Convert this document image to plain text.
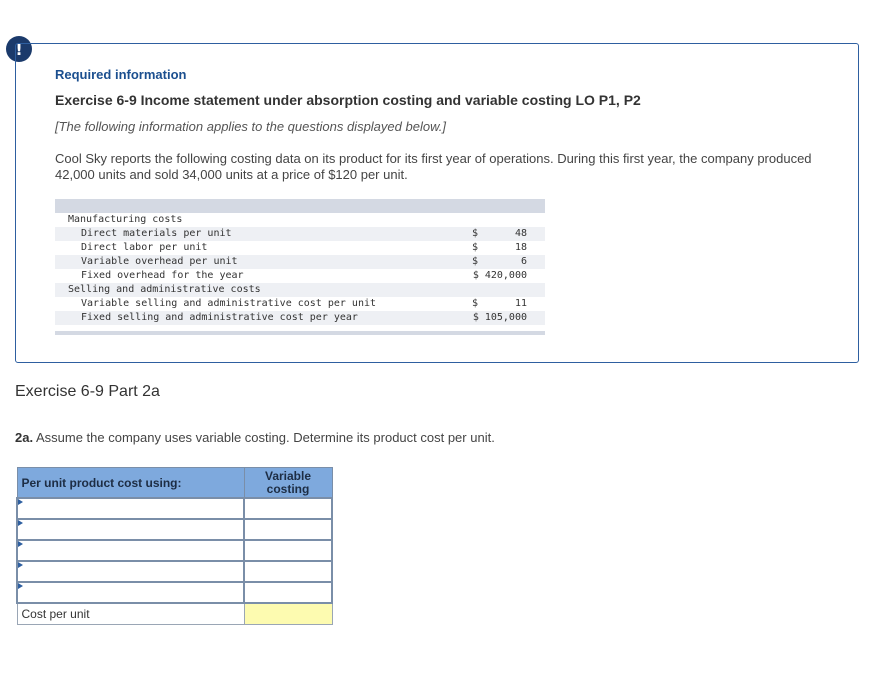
!
Required information
Exercise 6-9 Income statement under absorption costing and variable costing LO P1, P2
[The following information applies to the questions displayed below.]
Cool Sky reports the following costing data on its product for its first year of operations. During this first year, the company produced 42,000 units and sold 34,000 units at a price of $120 per unit.
Manufacturing costs
Direct materials per unit	$	48
Direct labor per unit	$	18
Variable overhead per unit	$	6
Fixed overhead for the year	$ 420,000
Selling and administrative costs
Variable selling and administrative cost per unit	$	11
Fixed selling and administrative cost per year	$ 105,000
Exercise 6-9 Part 2a
2a. Assume the company uses variable costing. Determine its product cost per unit.
Per unit product cost using:	Variable
costing

Cost per unit	
